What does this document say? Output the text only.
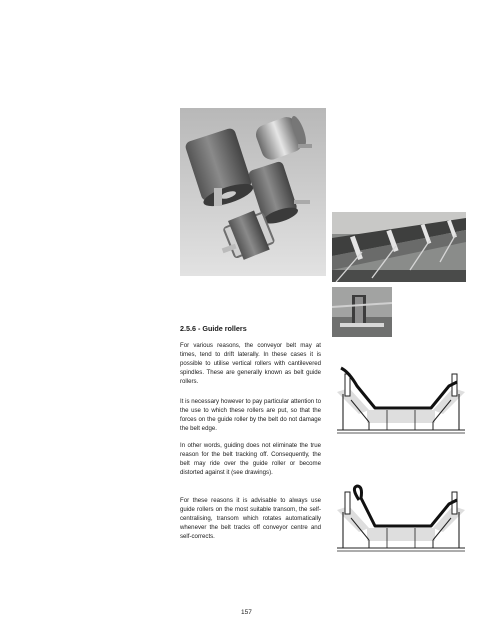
2.5.6 - Guide rollers

For various reasons, the conveyor belt may at times, tend to drift laterally. In these cases it is possible to utilise vertical rollers with cantilevered spindles. These are generally known as belt guide rollers.

It is necessary however to pay particular attention to the use to which these rollers are put, so that the forces on the guide roller by the belt do not damage the belt edge.

In other words, guiding does not eliminate the true reason for the belt tracking off. Consequently, the belt may ride over the guide roller or become distorted against it (see drawings).

For these reasons it is advisable to always use guide rollers on the most suitable transom, the self-centralising, transom which rotates automatically whenever the belt tracks off conveyor centre and self-corrects.

157
